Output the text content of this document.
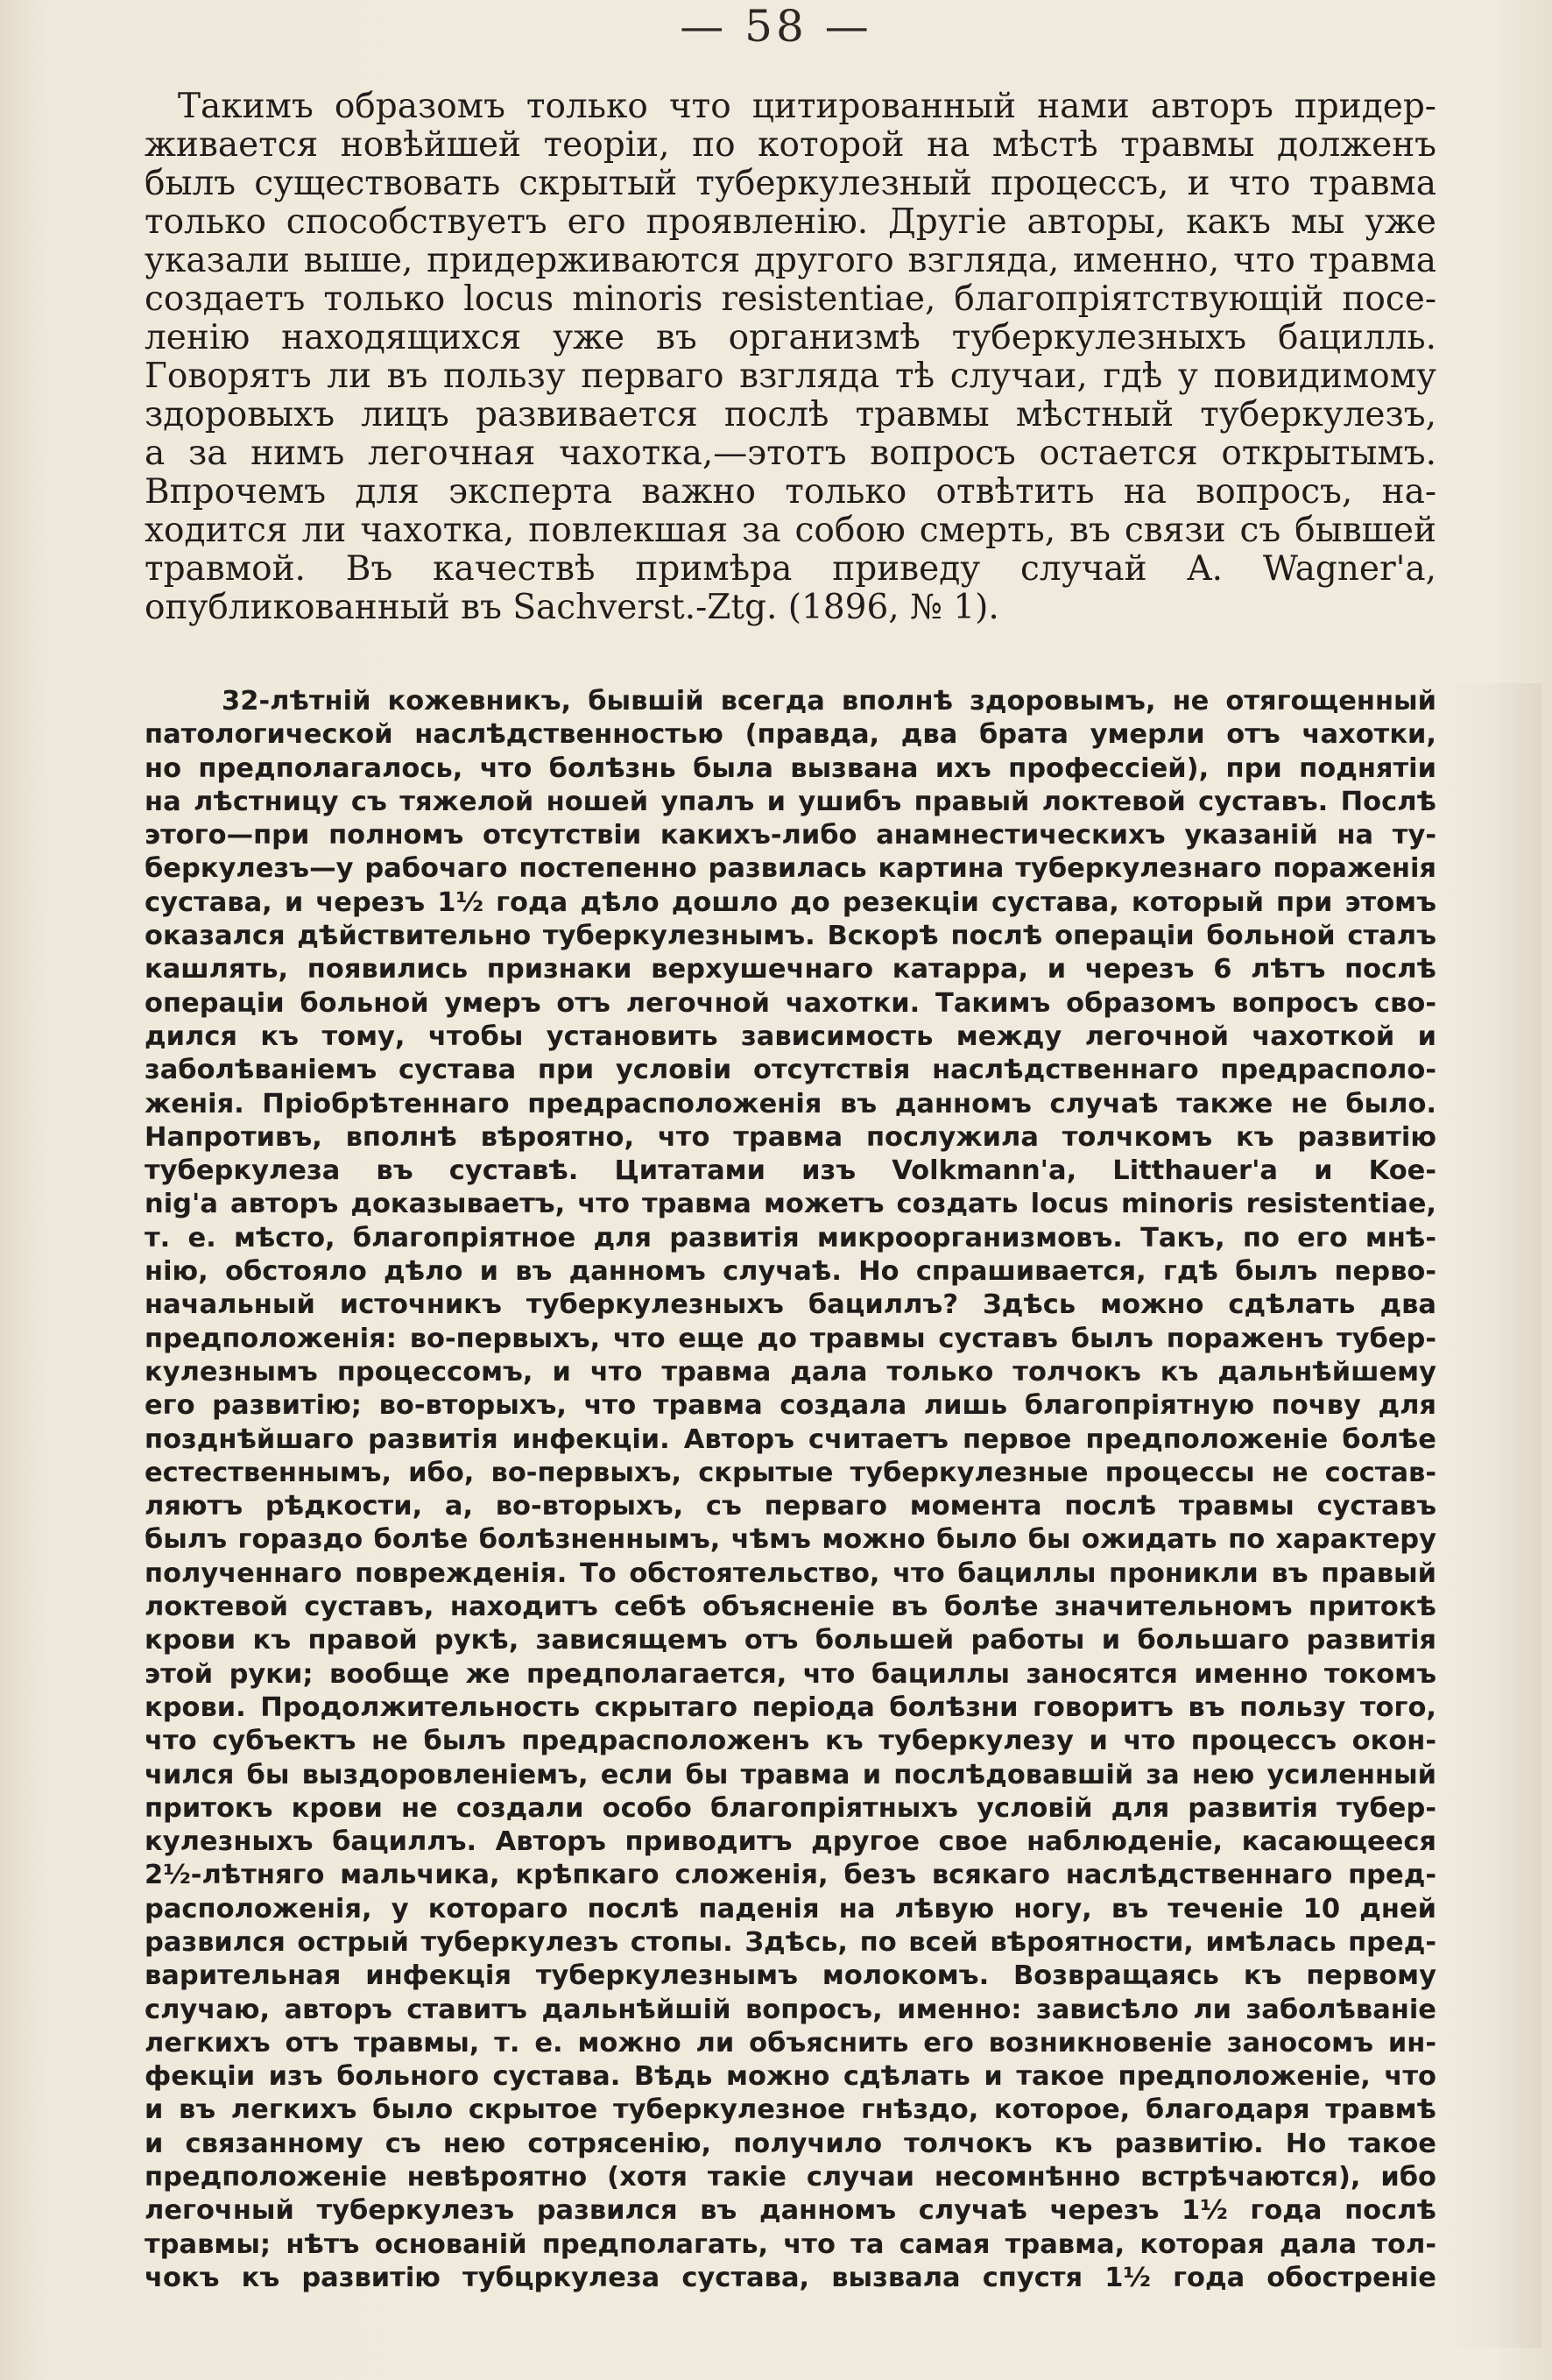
— 58 —
Такимъ образомъ только что цитированный нами авторъ придер-
живается новѣйшей теоріи, по которой на мѣстѣ травмы долженъ
былъ существовать скрытый туберкулезный процессъ, и что травма
только способствуетъ его проявленію. Другіе авторы, какъ мы уже
указали выше, придерживаются другого взгляда, именно, что травма
создаетъ только locus minoris resistentiae, благопріятствующій посе-
ленію находящихся уже въ организмѣ туберкулезныхъ бацилль.
Говорятъ ли въ пользу перваго взгляда тѣ случаи, гдѣ у повидимому
здоровыхъ лицъ развивается послѣ травмы мѣстный туберкулезъ,
а за нимъ легочная чахотка,—этотъ вопросъ остается открытымъ.
Впрочемъ для эксперта важно только отвѣтить на вопросъ, на-
ходится ли чахотка, повлекшая за собою смерть, въ связи съ бывшей
травмой. Въ качествѣ примѣра приведу случай A. Wagner'a,
опубликованный въ Sachverst.-Ztg. (1896, № 1).
32-лѣтній кожевникъ, бывшій всегда вполнѣ здоровымъ, не отягощенный
патологической наслѣдственностью (правда, два брата умерли отъ чахотки,
но предполагалось, что болѣзнь была вызвана ихъ профессіей), при поднятіи
на лѣстницу съ тяжелой ношей упалъ и ушибъ правый локтевой суставъ. Послѣ
этого—при полномъ отсутствіи какихъ-либо анамнестическихъ указаній на ту-
беркулезъ—у рабочаго постепенно развилась картина туберкулезнаго пораженія
сустава, и черезъ 1½ года дѣло дошло до резекціи сустава, который при этомъ
оказался дѣйствительно туберкулезнымъ. Вскорѣ послѣ операціи больной сталъ
кашлять, появились признаки верхушечнаго катарра, и черезъ 6 лѣтъ послѣ
операціи больной умеръ отъ легочной чахотки. Такимъ образомъ вопросъ сво-
дился къ тому, чтобы установить зависимость между легочной чахоткой и
заболѣваніемъ сустава при условіи отсутствія наслѣдственнаго предрасполо-
женія. Пріобрѣтеннаго предрасположенія въ данномъ случаѣ также не было.
Напротивъ, вполнѣ вѣроятно, что травма послужила толчкомъ къ развитію
туберкулеза въ суставѣ. Цитатами изъ Volkmann'a, Litthauer'a и Koe-
nig'a авторъ доказываетъ, что травма можетъ создать locus minoris resistentiae,
т. е. мѣсто, благопріятное для развитія микроорганизмовъ. Такъ, по его мнѣ-
нію, обстояло дѣло и въ данномъ случаѣ. Но спрашивается, гдѣ былъ перво-
начальный источникъ туберкулезныхъ бациллъ? Здѣсь можно сдѣлать два
предположенія: во-первыхъ, что еще до травмы суставъ былъ пораженъ тубер-
кулезнымъ процессомъ, и что травма дала только толчокъ къ дальнѣйшему
его развитію; во-вторыхъ, что травма создала лишь благопріятную почву для
позднѣйшаго развитія инфекціи. Авторъ считаетъ первое предположеніе болѣе
естественнымъ, ибо, во-первыхъ, скрытые туберкулезные процессы не состав-
ляютъ рѣдкости, а, во-вторыхъ, съ перваго момента послѣ травмы суставъ
былъ гораздо болѣе болѣзненнымъ, чѣмъ можно было бы ожидать по характеру
полученнаго поврежденія. То обстоятельство, что бациллы проникли въ правый
локтевой суставъ, находитъ себѣ объясненіе въ болѣе значительномъ притокѣ
крови къ правой рукѣ, зависящемъ отъ большей работы и большаго развитія
этой руки; вообще же предполагается, что бациллы заносятся именно токомъ
крови. Продолжительность скрытаго періода болѣзни говоритъ въ пользу того,
что субъектъ не былъ предрасположенъ къ туберкулезу и что процессъ окон-
чился бы выздоровленіемъ, если бы травма и послѣдовавшій за нею усиленный
притокъ крови не создали особо благопріятныхъ условій для развитія тубер-
кулезныхъ бациллъ. Авторъ приводитъ другое свое наблюденіе, касающееся
2½-лѣтняго мальчика, крѣпкаго сложенія, безъ всякаго наслѣдственнаго пред-
расположенія, у котораго послѣ паденія на лѣвую ногу, въ теченіе 10 дней
развился острый туберкулезъ стопы. Здѣсь, по всей вѣроятности, имѣлась пред-
варительная инфекція туберкулезнымъ молокомъ. Возвращаясь къ первому
случаю, авторъ ставитъ дальнѣйшій вопросъ, именно: зависѣло ли заболѣваніе
легкихъ отъ травмы, т. е. можно ли объяснить его возникновеніе заносомъ ин-
фекціи изъ больного сустава. Вѣдь можно сдѣлать и такое предположеніе, что
и въ легкихъ было скрытое туберкулезное гнѣздо, которое, благодаря травмѣ
и связанному съ нею сотрясенію, получило толчокъ къ развитію. Но такое
предположеніе невѣроятно (хотя такіе случаи несомнѣнно встрѣчаются), ибо
легочный туберкулезъ развился въ данномъ случаѣ черезъ 1½ года послѣ
травмы; нѣтъ основаній предполагать, что та самая травма, которая дала тол-
чокъ къ развитію тубцркулеза сустава, вызвала спустя 1½ года обостреніе
